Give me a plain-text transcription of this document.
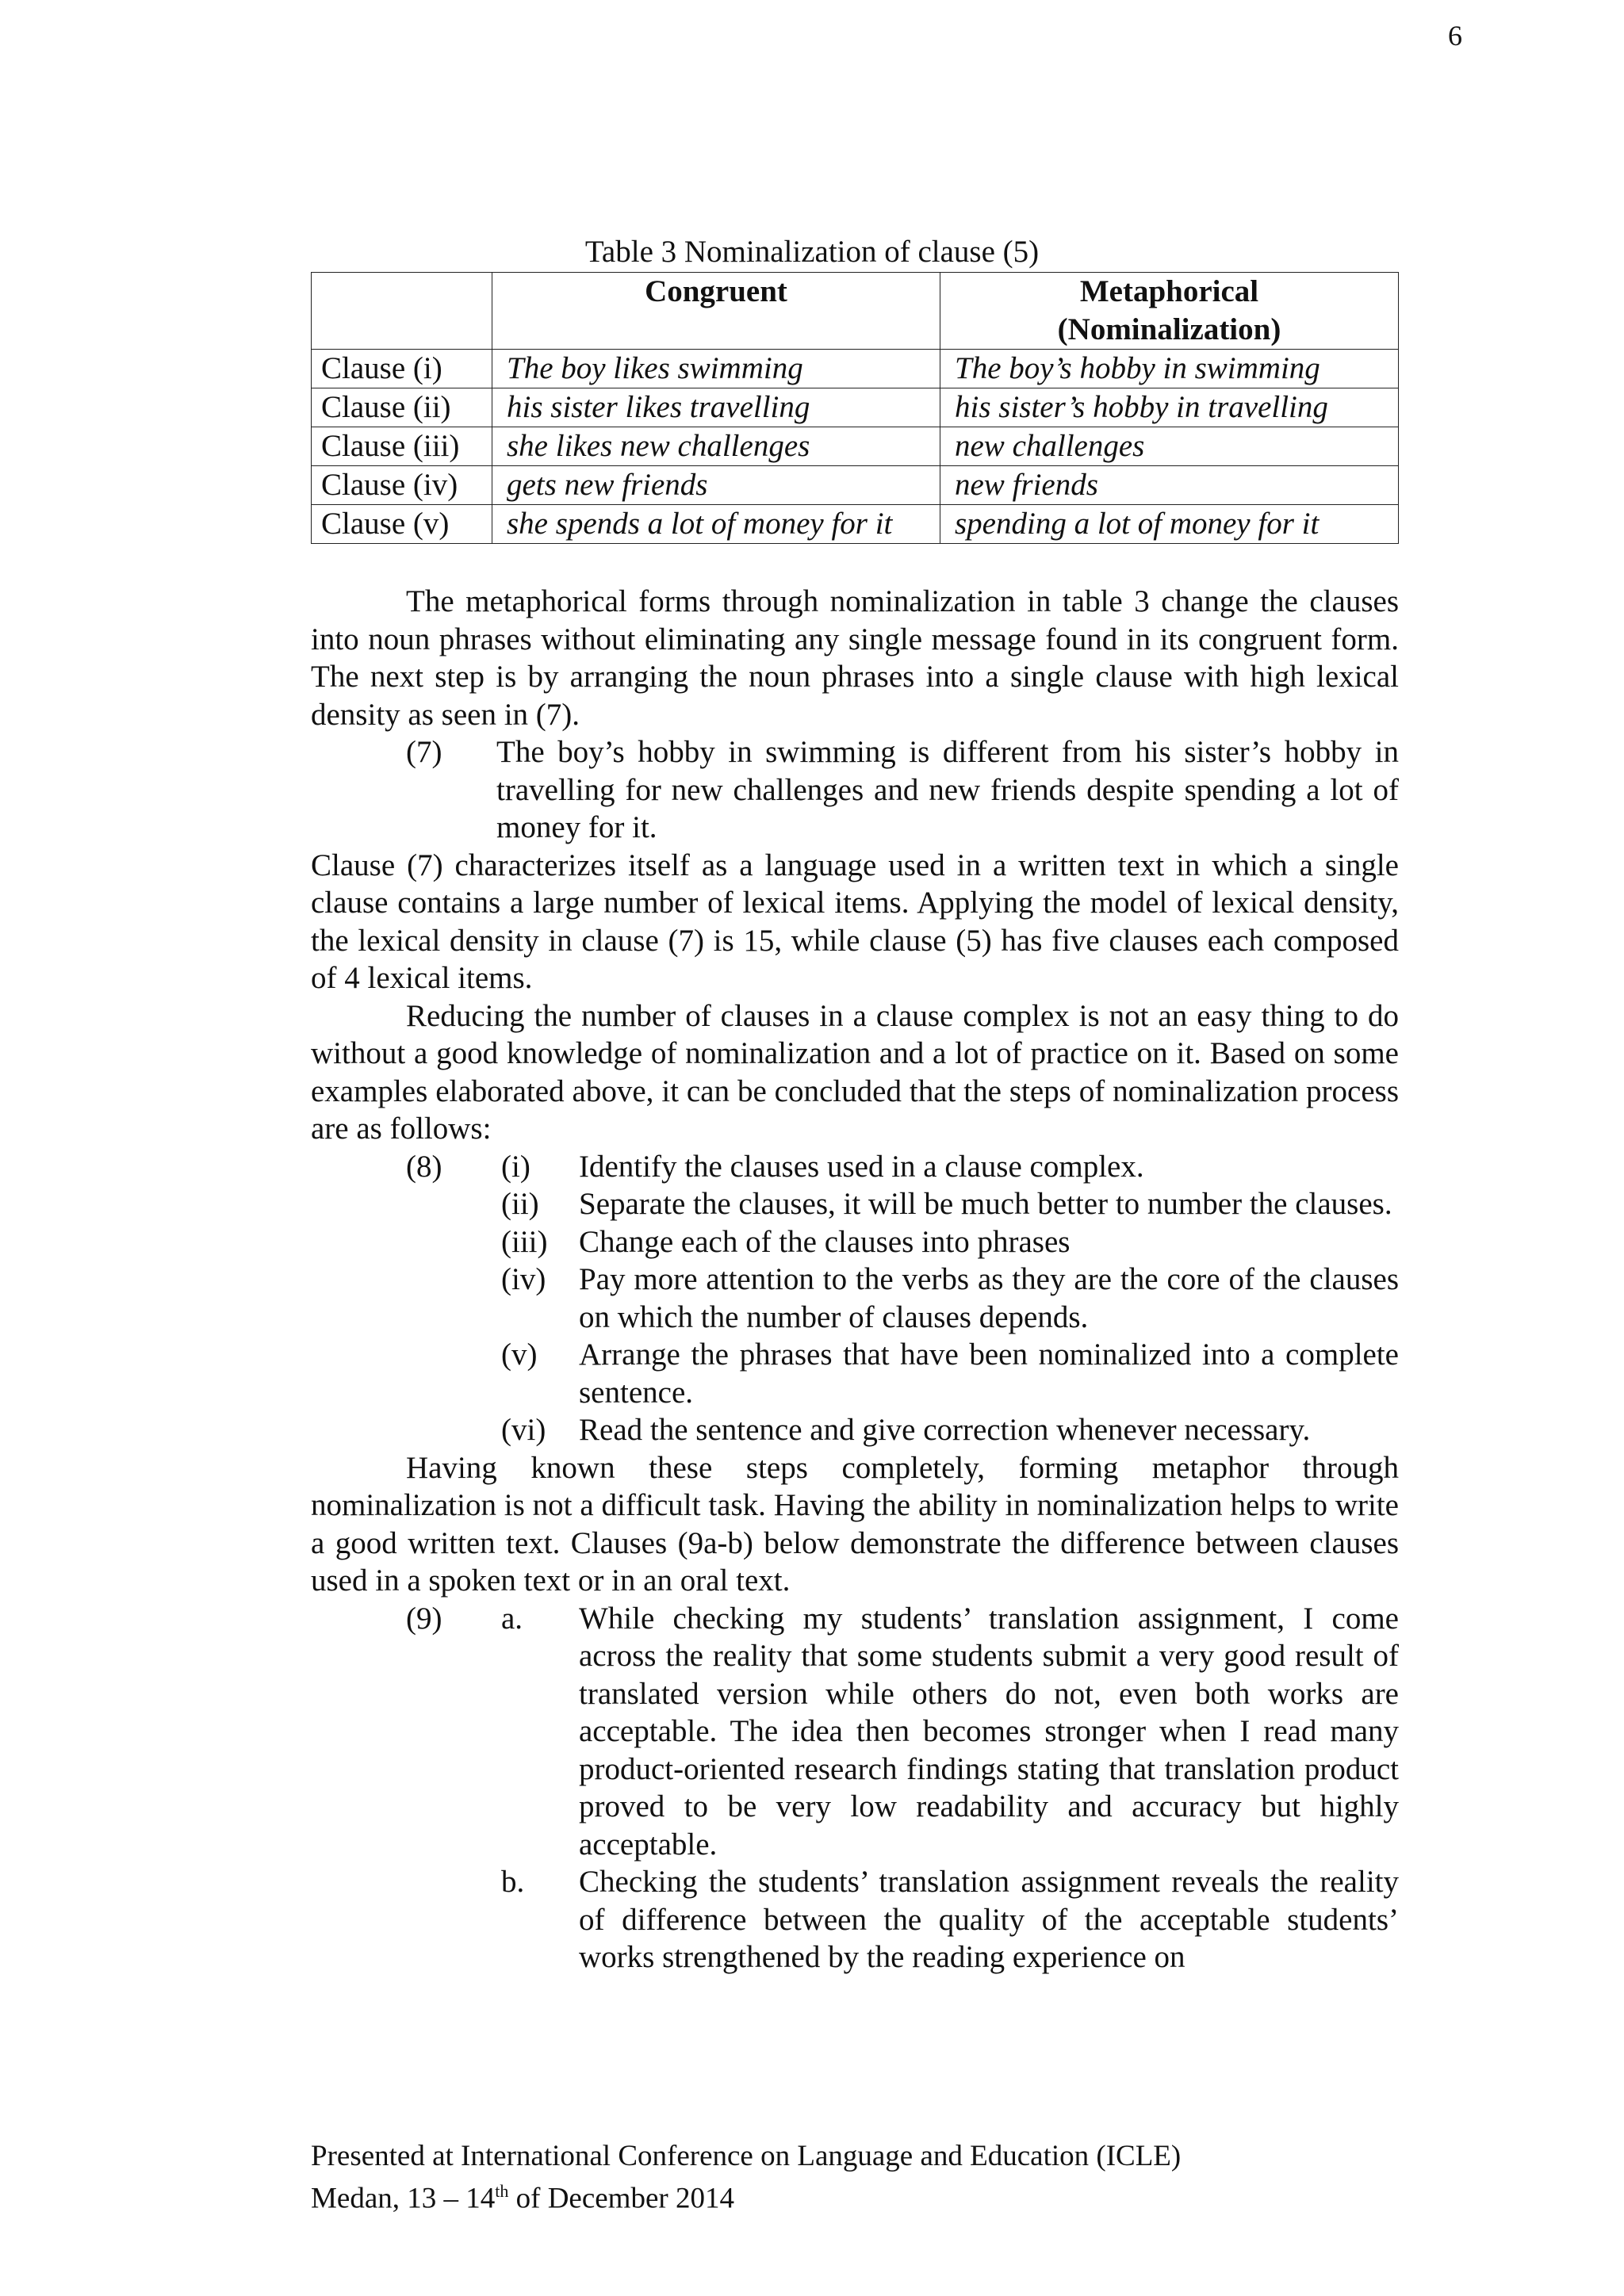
6
Table 3 Nominalization of clause (5)
	Congruent	Metaphorical
(Nominalization)
Clause (i)	The boy likes swimming	The boy’s hobby in swimming
Clause (ii)	his sister likes travelling	his sister’s hobby in travelling
Clause (iii)	she likes new challenges	new challenges
Clause (iv)	gets new friends	new friends
Clause (v)	she spends a lot of money for it	spending a lot of money for it

The metaphorical forms through nominalization in table 3 change the clauses into noun phrases without eliminating any single message found in its congruent form. The next step is by arranging the noun phrases into a single clause with high lexical density as seen in (7).

(7)	The boy’s hobby in swimming is different from his sister’s hobby in travelling for new challenges and new friends despite spending a lot of money for it.

Clause (7) characterizes itself as a language used in a written text in which a single clause contains a large number of lexical items. Applying the model of lexical density, the lexical density in clause (7) is 15, while clause (5) has five clauses each composed of 4 lexical items.

Reducing the number of clauses in a clause complex is not an easy thing to do without a good knowledge of nominalization and a lot of practice on it. Based on some examples elaborated above, it can be concluded that the steps of nominalization process are as follows:

(8)	(i)	Identify the clauses used in a clause complex.
(ii)	Separate the clauses, it will be much better to number the clauses.
(iii)	Change each of the clauses into phrases
(iv)	Pay more attention to the verbs as they are the core of the clauses on which the number of clauses depends.
(v)	Arrange the phrases that have been nominalized into a complete sentence.
(vi)	Read the sentence and give correction whenever necessary.

Having known these steps completely, forming metaphor through nominalization is not a difficult task. Having the ability in nominalization helps to write a good written text. Clauses (9a-b) below demonstrate the difference between clauses used in a spoken text or in an oral text.

(9)	a.	While checking my students’ translation assignment, I come across the reality that some students submit a very good result of translated version while others do not, even both works are acceptable. The idea then becomes stronger when I read many product-oriented research findings stating that translation product proved to be very low readability and accuracy but highly acceptable.
b.	Checking the students’ translation assignment reveals the reality of difference between the quality of the acceptable students’ works strengthened by the reading experience on
Presented at International Conference on Language and Education (ICLE)
Medan, 13 – 14th of December 2014
